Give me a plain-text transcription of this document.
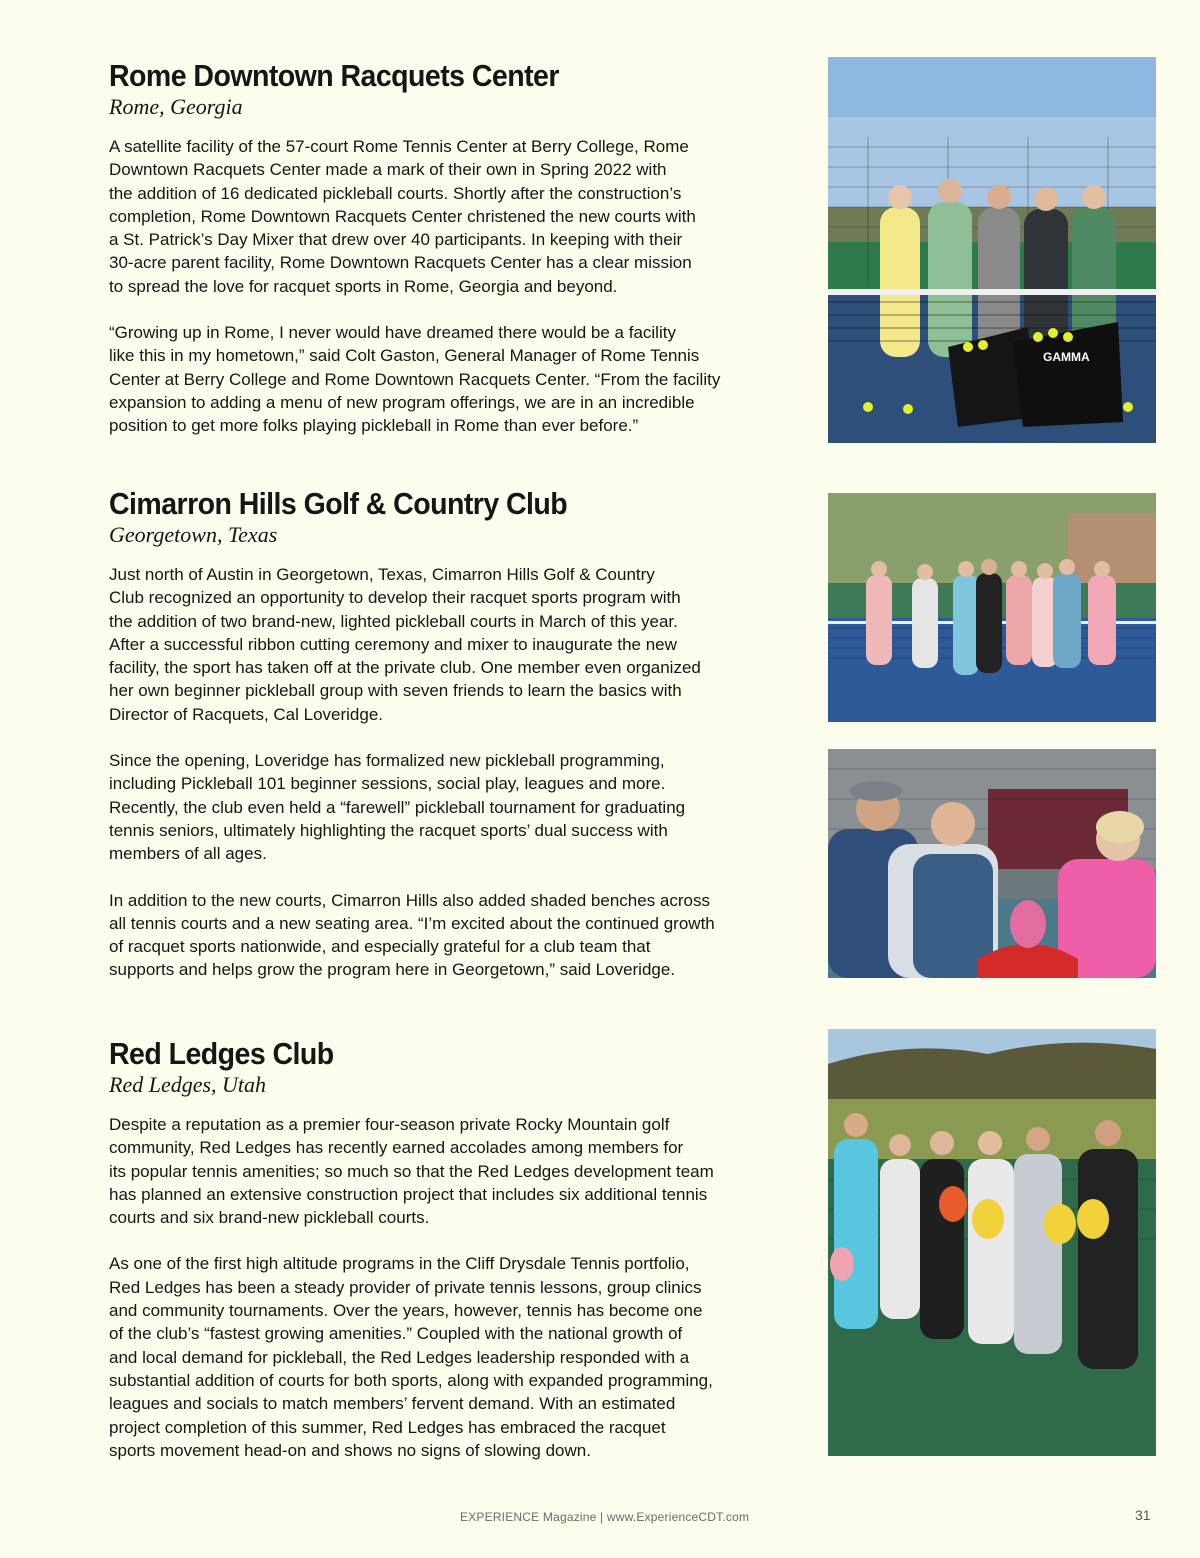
Rome Downtown Racquets Center
Rome, Georgia

A satellite facility of the 57-court Rome Tennis Center at Berry College, Rome
Downtown Racquets Center made a mark of their own in Spring 2022 with
the addition of 16 dedicated pickleball courts. Shortly after the construction’s
completion, Rome Downtown Racquets Center christened the new courts with
a St. Patrick’s Day Mixer that drew over 40 participants. In keeping with their
30-acre parent facility, Rome Downtown Racquets Center has a clear mission
to spread the love for racquet sports in Rome, Georgia and beyond.

“Growing up in Rome, I never would have dreamed there would be a facility
like this in my hometown,” said Colt Gaston, General Manager of Rome Tennis
Center at Berry College and Rome Downtown Racquets Center. “From the facility
expansion to adding a menu of new program offerings, we are in an incredible
position to get more folks playing pickleball in Rome than ever before.”

Cimarron Hills Golf & Country Club
Georgetown, Texas

Just north of Austin in Georgetown, Texas, Cimarron Hills Golf & Country
Club recognized an opportunity to develop their racquet sports program with
the addition of two brand-new, lighted pickleball courts in March of this year.
After a successful ribbon cutting ceremony and mixer to inaugurate the new
facility, the sport has taken off at the private club. One member even organized
her own beginner pickleball group with seven friends to learn the basics with
Director of Racquets, Cal Loveridge.

Since the opening, Loveridge has formalized new pickleball programming,
including Pickleball 101 beginner sessions, social play, leagues and more.
Recently, the club even held a “farewell” pickleball tournament for graduating
tennis seniors, ultimately highlighting the racquet sports’ dual success with
members of all ages.

In addition to the new courts, Cimarron Hills also added shaded benches across
all tennis courts and a new seating area. “I’m excited about the continued growth
of racquet sports nationwide, and especially grateful for a club team that
supports and helps grow the program here in Georgetown,” said Loveridge.

Red Ledges Club
Red Ledges, Utah

Despite a reputation as a premier four-season private Rocky Mountain golf
community, Red Ledges has recently earned accolades among members for
its popular tennis amenities; so much so that the Red Ledges development team
has planned an extensive construction project that includes six additional tennis
courts and six brand-new pickleball courts.

As one of the first high altitude programs in the Cliff Drysdale Tennis portfolio,
Red Ledges has been a steady provider of private tennis lessons, group clinics
and community tournaments. Over the years, however, tennis has become one
of the club’s “fastest growing amenities.” Coupled with the national growth of
and local demand for pickleball, the Red Ledges leadership responded with a
substantial addition of courts for both sports, along with expanded programming,
leagues and socials to match members’ fervent demand. With an estimated
project completion of this summer, Red Ledges has embraced the racquet
sports movement head-on and shows no signs of slowing down.

GAMMA
EXPERIENCE Magazine | www.ExperienceCDT.com	31
